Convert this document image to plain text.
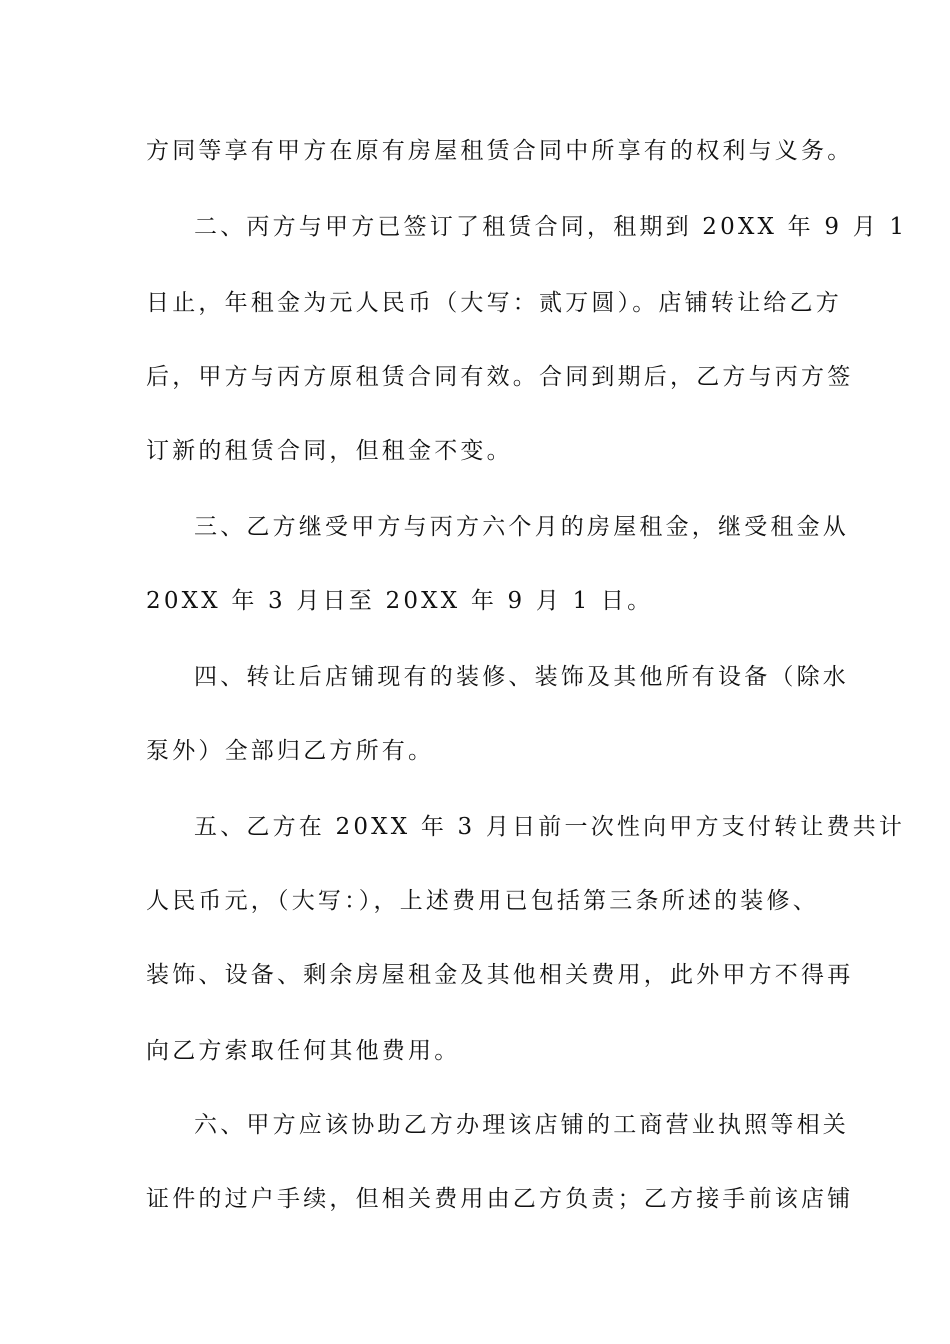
方同等享有甲方在原有房屋租赁合同中所享有的权利与义务。
二、丙方与甲方已签订了租赁合同，租期到 20XX 年 9 月 1
日止，年租金为元人民币（大写：贰万圆）。店铺转让给乙方
后，甲方与丙方原租赁合同有效。合同到期后，乙方与丙方签
订新的租赁合同，但租金不变。
三、乙方继受甲方与丙方六个月的房屋租金，继受租金从
20XX 年 3 月日至 20XX 年 9 月 1 日。
四、转让后店铺现有的装修、装饰及其他所有设备（除水
泵外）全部归乙方所有。
五、乙方在 20XX 年 3 月日前一次性向甲方支付转让费共计
人民币元，（大写：），上述费用已包括第三条所述的装修、
装饰、设备、剩余房屋租金及其他相关费用，此外甲方不得再
向乙方索取任何其他费用。
六、甲方应该协助乙方办理该店铺的工商营业执照等相关
证件的过户手续，但相关费用由乙方负责；乙方接手前该店铺
